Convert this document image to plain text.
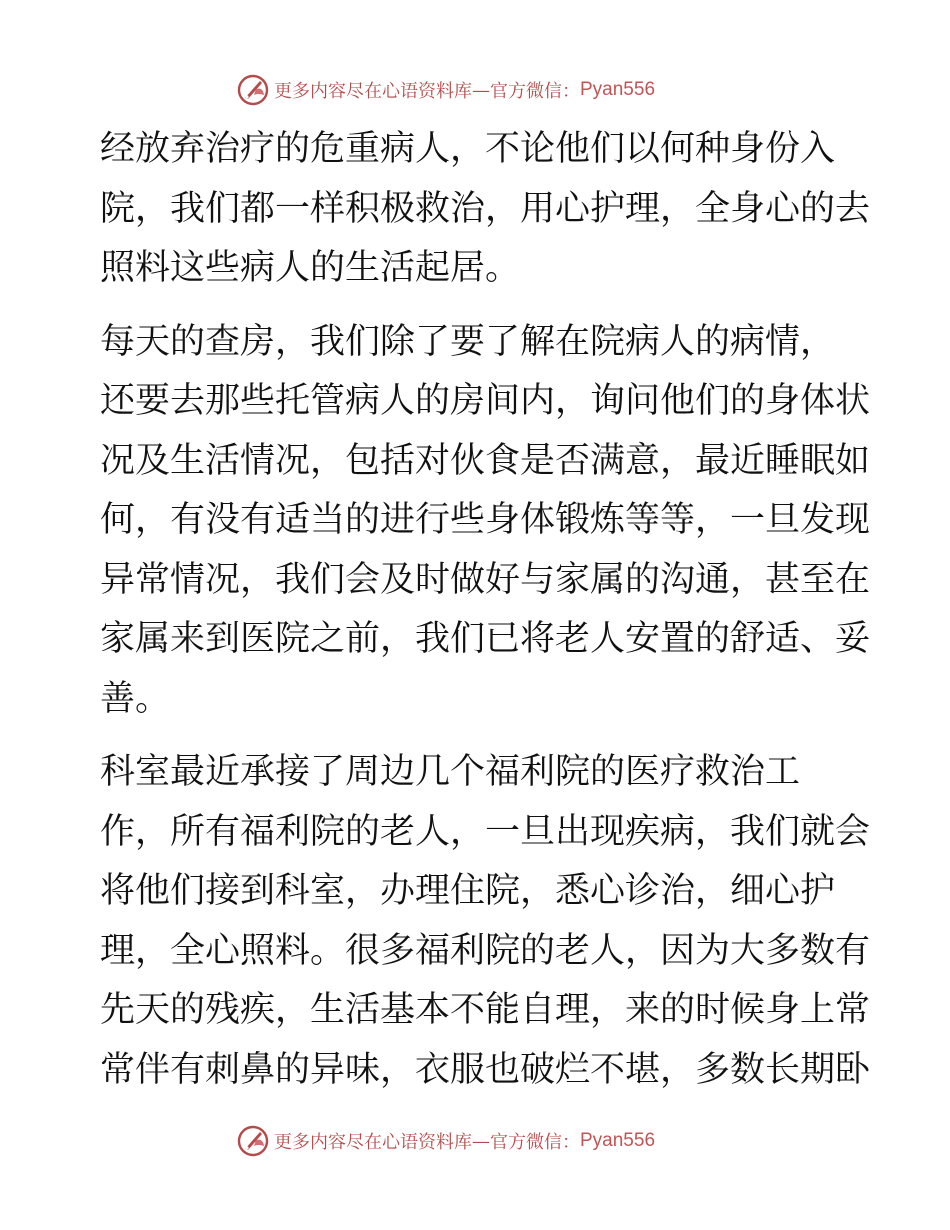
更多内容尽在心语资料库 — 官方微信： Pyan556
经放弃治疗的危重病人，不论他们以何种身份入
院，我们都一样积极救治，用心护理，全身心的去
照料这些病人的生活起居。
每天的查房，我们除了要了解在院病人的病情，
还要去那些托管病人的房间内，询问他们的身体状
况及生活情况，包括对伙食是否满意，最近睡眠如
何，有没有适当的进行些身体锻炼等等，一旦发现
异常情况，我们会及时做好与家属的沟通，甚至在
家属来到医院之前，我们已将老人安置的舒适、妥
善。
科室最近承接了周边几个福利院的医疗救治工
作，所有福利院的老人，一旦出现疾病，我们就会
将他们接到科室，办理住院，悉心诊治，细心护
理，全心照料。很多福利院的老人，因为大多数有
先天的残疾，生活基本不能自理，来的时候身上常
常伴有刺鼻的异味，衣服也破烂不堪，多数长期卧
更多内容尽在心语资料库 — 官方微信： Pyan556
